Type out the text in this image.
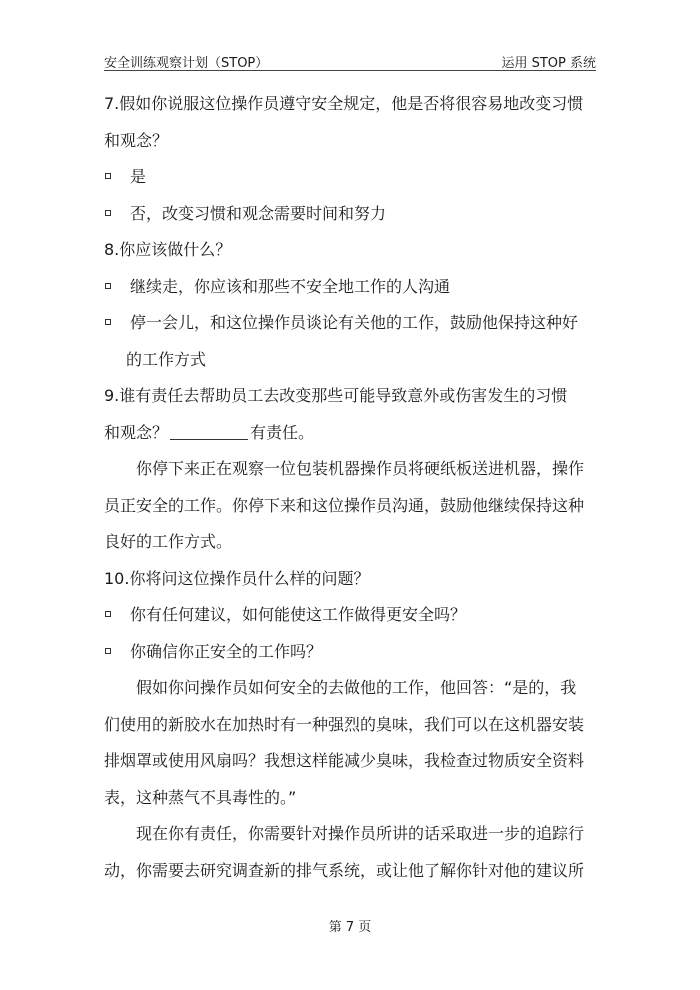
安全训练观察计划（STOP）	运用 STOP 系统
7.假如你说服这位操作员遵守安全规定，他是否将很容易地改变习惯
和观念？
是
否，改变习惯和观念需要时间和努力
8.你应该做什么？
继续走，你应该和那些不安全地工作的人沟通
停一会儿，和这位操作员谈论有关他的工作，鼓励他保持这种好
的工作方式
9.谁有责任去帮助员工去改变那些可能导致意外或伤害发生的习惯
和观念？	有责任。
你停下来正在观察一位包装机器操作员将硬纸板送进机器，操作
员正安全的工作。你停下来和这位操作员沟通，鼓励他继续保持这种
良好的工作方式。
10.你将问这位操作员什么样的问题？
你有任何建议，如何能使这工作做得更安全吗？
你确信你正安全的工作吗？
假如你问操作员如何安全的去做他的工作，他回答：“是的，我
们使用的新胶水在加热时有一种强烈的臭味，我们可以在这机器安装
排烟罩或使用风扇吗？我想这样能减少臭味，我检查过物质安全资料
表，这种蒸气不具毒性的。”
现在你有责任，你需要针对操作员所讲的话采取进一步的追踪行
动，你需要去研究调查新的排气系统，或让他了解你针对他的建议所
第 7 页
